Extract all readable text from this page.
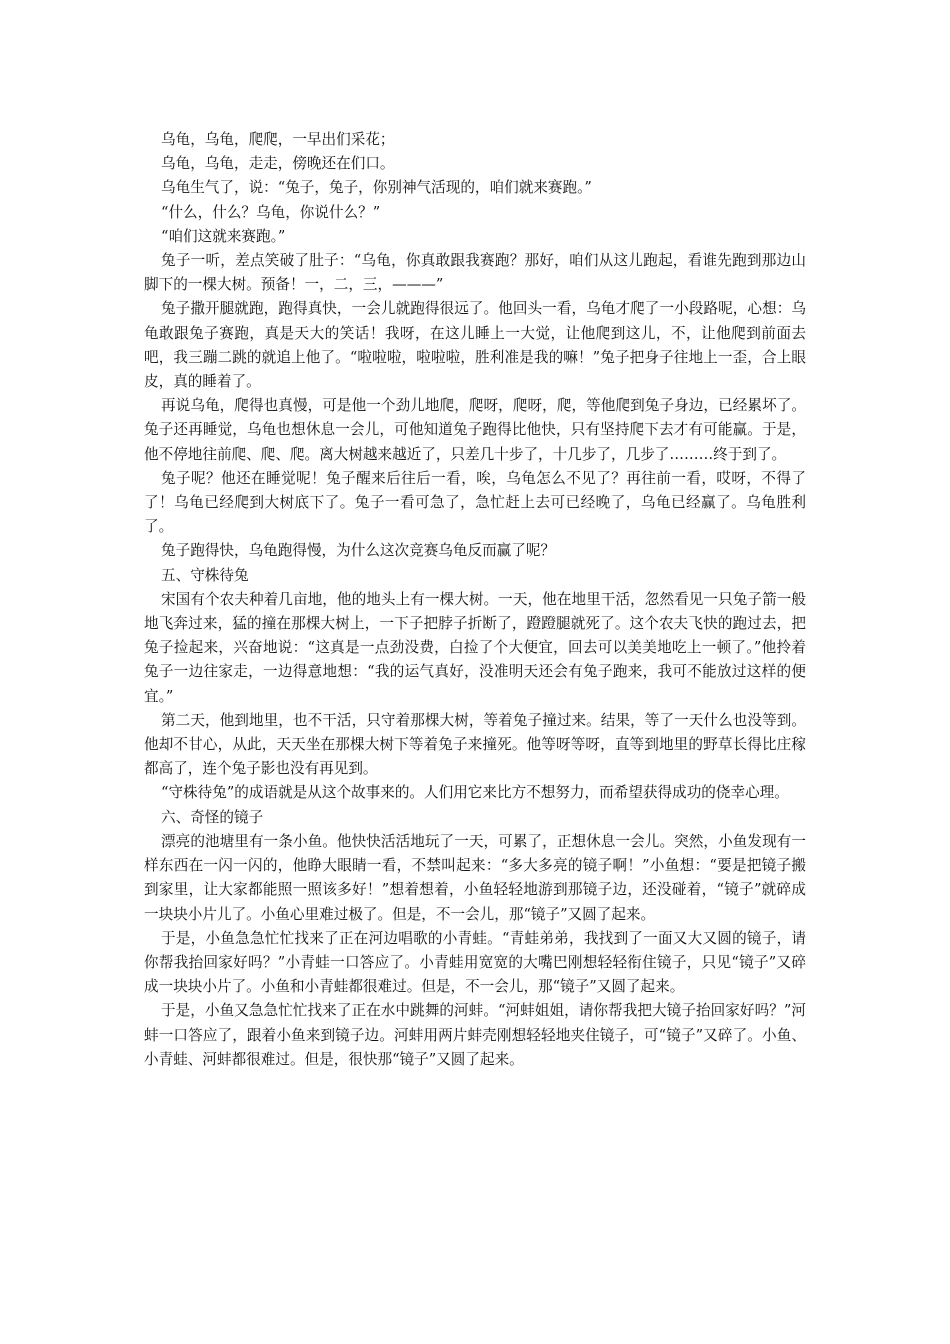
乌龟，乌龟，爬爬，一早出们采花；

乌龟，乌龟，走走，傍晚还在们口。

乌龟生气了，说：“兔子，兔子，你别神气活现的，咱们就来赛跑。”

“什么，什么？乌龟，你说什么？”

“咱们这就来赛跑。”

兔子一听，差点笑破了肚子：“乌龟，你真敢跟我赛跑？那好，咱们从这儿跑起，看谁先跑到那边山脚下的一棵大树。预备！一，二，三，———”

兔子撒开腿就跑，跑得真快，一会儿就跑得很远了。他回头一看，乌龟才爬了一小段路呢，心想：乌龟敢跟兔子赛跑，真是天大的笑话！我呀，在这儿睡上一大觉，让他爬到这儿，不，让他爬到前面去吧，我三蹦二跳的就追上他了。“啦啦啦，啦啦啦，胜利准是我的嘛！”兔子把身子往地上一歪，合上眼皮，真的睡着了。

再说乌龟，爬得也真慢，可是他一个劲儿地爬，爬呀，爬呀，爬，等他爬到兔子身边，已经累坏了。兔子还再睡觉，乌龟也想休息一会儿，可他知道兔子跑得比他快，只有坚持爬下去才有可能赢。于是，他不停地往前爬、爬、爬。离大树越来越近了，只差几十步了，十几步了，几步了………终于到了。

兔子呢？他还在睡觉呢！兔子醒来后往后一看，唉，乌龟怎么不见了？再往前一看，哎呀，不得了了！乌龟已经爬到大树底下了。兔子一看可急了，急忙赶上去可已经晚了，乌龟已经赢了。乌龟胜利了。

兔子跑得快，乌龟跑得慢，为什么这次竞赛乌龟反而赢了呢？

五、守株待兔

宋国有个农夫种着几亩地，他的地头上有一棵大树。一天，他在地里干活，忽然看见一只兔子箭一般地飞奔过来，猛的撞在那棵大树上，一下子把脖子折断了，蹬蹬腿就死了。这个农夫飞快的跑过去，把兔子捡起来，兴奋地说：“这真是一点劲没费，白捡了个大便宜，回去可以美美地吃上一顿了。”他拎着兔子一边往家走，一边得意地想：“我的运气真好，没准明天还会有兔子跑来，我可不能放过这样的便宜。”

第二天，他到地里，也不干活，只守着那棵大树，等着兔子撞过来。结果，等了一天什么也没等到。他却不甘心，从此，天天坐在那棵大树下等着兔子来撞死。他等呀等呀，直等到地里的野草长得比庄稼都高了，连个兔子影也没有再见到。

“守株待兔”的成语就是从这个故事来的。人们用它来比方不想努力，而希望获得成功的侥幸心理。

六、奇怪的镜子

漂亮的池塘里有一条小鱼。他快快活活地玩了一天，可累了，正想休息一会儿。突然，小鱼发现有一样东西在一闪一闪的，他睁大眼睛一看，不禁叫起来：“多大多亮的镜子啊！”小鱼想：“要是把镜子搬到家里，让大家都能照一照该多好！”想着想着，小鱼轻轻地游到那镜子边，还没碰着，“镜子”就碎成一块块小片儿了。小鱼心里难过极了。但是，不一会儿，那“镜子”又圆了起来。

于是，小鱼急急忙忙找来了正在河边唱歌的小青蛙。“青蛙弟弟，我找到了一面又大又圆的镜子，请你帮我抬回家好吗？”小青蛙一口答应了。小青蛙用宽宽的大嘴巴刚想轻轻衔住镜子，只见“镜子”又碎成一块块小片了。小鱼和小青蛙都很难过。但是，不一会儿，那“镜子”又圆了起来。

于是，小鱼又急急忙忙找来了正在水中跳舞的河蚌。“河蚌姐姐，请你帮我把大镜子抬回家好吗？”河蚌一口答应了，跟着小鱼来到镜子边。河蚌用两片蚌壳刚想轻轻地夹住镜子，可“镜子”又碎了。小鱼、小青蛙、河蚌都很难过。但是，很快那“镜子”又圆了起来。
